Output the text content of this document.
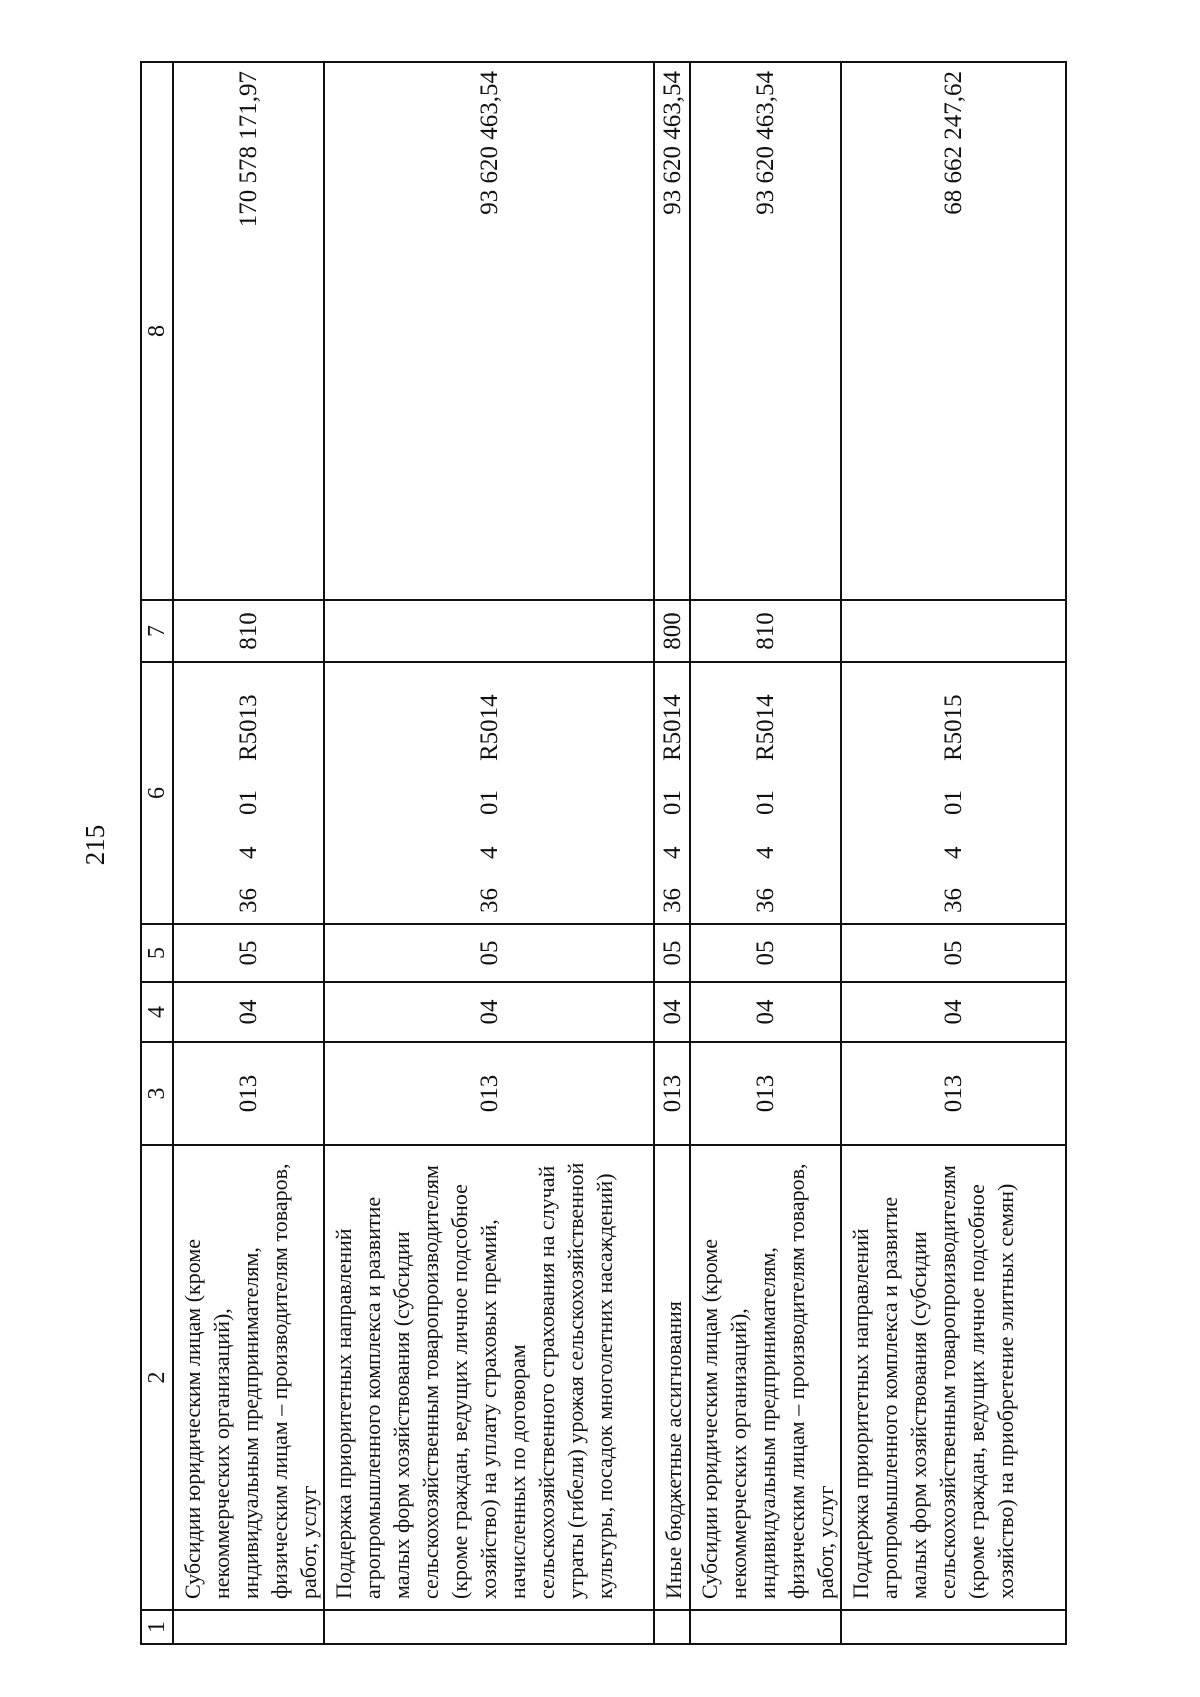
215
1	2	3	4	5	6	7	8
	Субсидии юридическим лицам (кроме некоммерческих организаций), индивидуальным предпринимателям, физическим лицам – производителям товаров, работ, услуг	013	04	05	36401R5013	810	170 578 171,97
	Поддержка приоритетных направлений агропромышленного комплекса и развитие малых форм хозяйствования (субсидии сельскохозяйственным товаропроизводителям (кроме граждан, ведущих личное подсобное хозяйство) на уплату страховых премий, начисленных по договорам сельскохозяйственного страхования на случай утраты (гибели) урожая сельскохозяйственной культуры, посадок многолетних насаждений)	013	04	05	36401R5014		93 620 463,54
	Иные бюджетные ассигнования	013	04	05	36401R5014	800	93 620 463,54
	Субсидии юридическим лицам (кроме некоммерческих организаций), индивидуальным предпринимателям, физическим лицам – производителям товаров, работ, услуг	013	04	05	36401R5014	810	93 620 463,54
	Поддержка приоритетных направлений агропромышленного комплекса и развитие малых форм хозяйствования (субсидии сельскохозяйственным товаропроизводителям (кроме граждан, ведущих личное подсобное хозяйство) на приобретение элитных семян)	013	04	05	36401R5015		68 662 247,62
